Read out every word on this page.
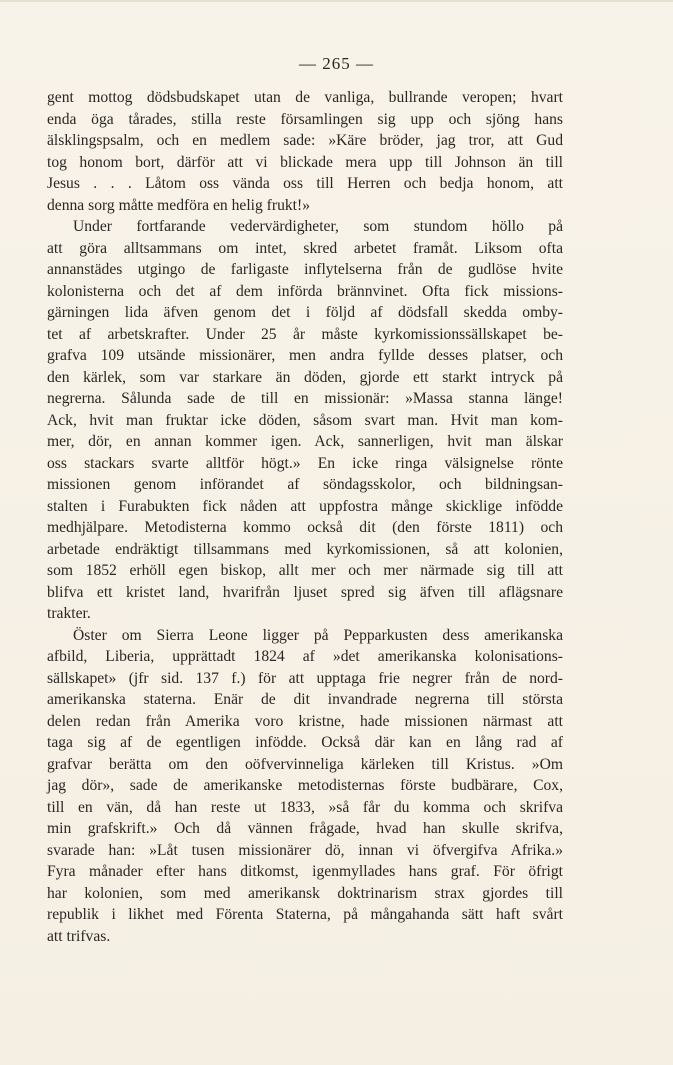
— 265 —
gent mottog dödsbudskapet utan de vanliga, bullrande veropen; hvart
enda öga tårades, stilla reste församlingen sig upp och sjöng hans
älsklingspsalm, och en medlem sade: »Käre bröder, jag tror, att Gud
tog honom bort, därför att vi blickade mera upp till Johnson än till
Jesus . . . Låtom oss vända oss till Herren och bedja honom, att
denna sorg måtte medföra en helig frukt!»
Under fortfarande vedervärdigheter, som stundom höllo på
att göra alltsammans om intet, skred arbetet framåt. Liksom ofta
annanstädes utgingo de farligaste inflytelserna från de gudlöse hvite
kolonisterna och det af dem införda brännvinet. Ofta fick missions-
gärningen lida äfven genom det i följd af dödsfall skedda omby-
tet af arbetskrafter. Under 25 år måste kyrkomissionssällskapet be-
grafva 109 utsände missionärer, men andra fyllde desses platser, och
den kärlek, som var starkare än döden, gjorde ett starkt intryck på
negrerna. Sålunda sade de till en missionär: »Massa stanna länge!
Ack, hvit man fruktar icke döden, såsom svart man. Hvit man kom-
mer, dör, en annan kommer igen. Ack, sannerligen, hvit man älskar
oss stackars svarte alltför högt.» En icke ringa välsignelse rönte
missionen genom införandet af söndagsskolor, och bildningsan-
stalten i Furabukten fick nåden att uppfostra månge skicklige infödde
medhjälpare. Metodisterna kommo också dit (den förste 1811) och
arbetade endräktigt tillsammans med kyrkomissionen, så att kolonien,
som 1852 erhöll egen biskop, allt mer och mer närmade sig till att
blifva ett kristet land, hvarifrån ljuset spred sig äfven till aflägsnare
trakter.
Öster om Sierra Leone ligger på Pepparkusten dess amerikanska
afbild, Liberia, upprättadt 1824 af »det amerikanska kolonisations-
sällskapet» (jfr sid. 137 f.) för att upptaga frie negrer från de nord-
amerikanska staterna. Enär de dit invandrade negrerna till största
delen redan från Amerika voro kristne, hade missionen närmast att
taga sig af de egentligen infödde. Också där kan en lång rad af
grafvar berätta om den oöfvervinneliga kärleken till Kristus. »Om
jag dör», sade de amerikanske metodisternas förste budbärare, Cox,
till en vän, då han reste ut 1833, »så får du komma och skrifva
min grafskrift.» Och då vännen frågade, hvad han skulle skrifva,
svarade han: »Låt tusen missionärer dö, innan vi öfvergifva Afrika.»
Fyra månader efter hans ditkomst, igenmyllades hans graf. För öfrigt
har kolonien, som med amerikansk doktrinarism strax gjordes till
republik i likhet med Förenta Staterna, på mångahanda sätt haft svårt
att trifvas.
